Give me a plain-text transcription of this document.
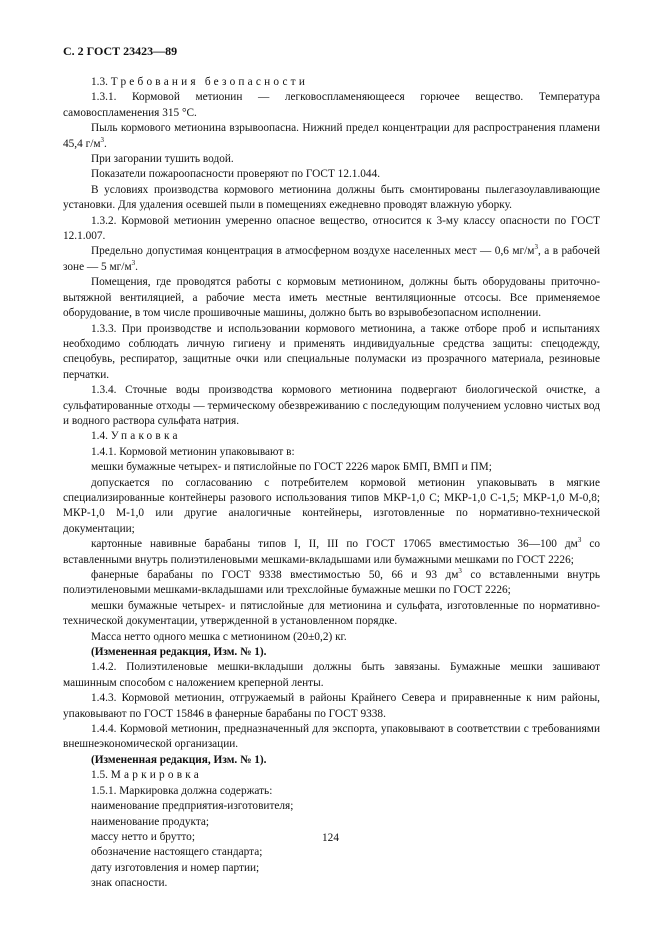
С. 2 ГОСТ 23423—89

1.3. Требования безопасности

1.3.1. Кормовой метионин — легковоспламеняющееся горючее вещество. Температура самовоспламенения 315 °С.

Пыль кормового метионина взрывоопасна. Нижний предел концентрации для распространения пламени 45,4 $г/м^3$.

При загорании тушить водой.

Показатели пожароопасности проверяют по ГОСТ 12.1.044.

В условиях производства кормового метионина должны быть смонтированы пылегазоулавливающие установки. Для удаления осевшей пыли в помещениях ежедневно проводят влажную уборку.

1.3.2. Кормовой метионин умеренно опасное вещество, относится к 3-му классу опасности по ГОСТ 12.1.007.

Предельно допустимая концентрация в атмосферном воздухе населенных мест — 0,6 $мг/м^3$, а в рабочей зоне — 5 $мг/м^3$.

Помещения, где проводятся работы с кормовым метионином, должны быть оборудованы приточно-вытяжной вентиляцией, а рабочие места иметь местные вентиляционные отсосы. Все применяемое оборудование, в том числе прошивочные машины, должно быть во взрывобезопасном исполнении.

1.3.3. При производстве и использовании кормового метионина, а также отборе проб и испытаниях необходимо соблюдать личную гигиену и применять индивидуальные средства защиты: спецодежду, спецобувь, респиратор, защитные очки или специальные полумаски из прозрачного материала, резиновые перчатки.

1.3.4. Сточные воды производства кормового метионина подвергают биологической очистке, а сульфатированные отходы — термическому обезвреживанию с последующим получением условно чистых вод и водного раствора сульфата натрия.

1.4. Упаковка

1.4.1. Кормовой метионин упаковывают в:

мешки бумажные четырех- и пятислойные по ГОСТ 2226 марок БМП, ВМП и ПМ;

допускается по согласованию с потребителем кормовой метионин упаковывать в мягкие специализированные контейнеры разового использования типов МКР-1,0 С; МКР-1,0 С-1,5; МКР-1,0 М-0,8; МКР-1,0 М-1,0 или другие аналогичные контейнеры, изготовленные по нормативно-технической документации;

картонные навивные барабаны типов I, II, III по ГОСТ 17065 вместимостью 36—100 $дм^3$ со вставленными внутрь полиэтиленовыми мешками-вкладышами или бумажными мешками по ГОСТ 2226;

фанерные барабаны по ГОСТ 9338 вместимостью 50, 66 и 93 $дм^3$ со вставленными внутрь полиэтиленовыми мешками-вкладышами или трехслойные бумажные мешки по ГОСТ 2226;

мешки бумажные четырех- и пятислойные для метионина и сульфата, изготовленные по нормативно-технической документации, утвержденной в установленном порядке.

Масса нетто одного мешка с метионином (20±0,2) кг.

(Измененная редакция, Изм. № 1).

1.4.2. Полиэтиленовые мешки-вкладыши должны быть завязаны. Бумажные мешки зашивают машинным способом с наложением креперной ленты.

1.4.3. Кормовой метионин, отгружаемый в районы Крайнего Севера и приравненные к ним районы, упаковывают по ГОСТ 15846 в фанерные барабаны по ГОСТ 9338.

1.4.4. Кормовой метионин, предназначенный для экспорта, упаковывают в соответствии с требованиями внешнеэкономической организации.

(Измененная редакция, Изм. № 1).

1.5. Маркировка

1.5.1. Маркировка должна содержать:

наименование предприятия-изготовителя;

наименование продукта;

массу нетто и брутто;

обозначение настоящего стандарта;

дату изготовления и номер партии;

знак опасности.

124
